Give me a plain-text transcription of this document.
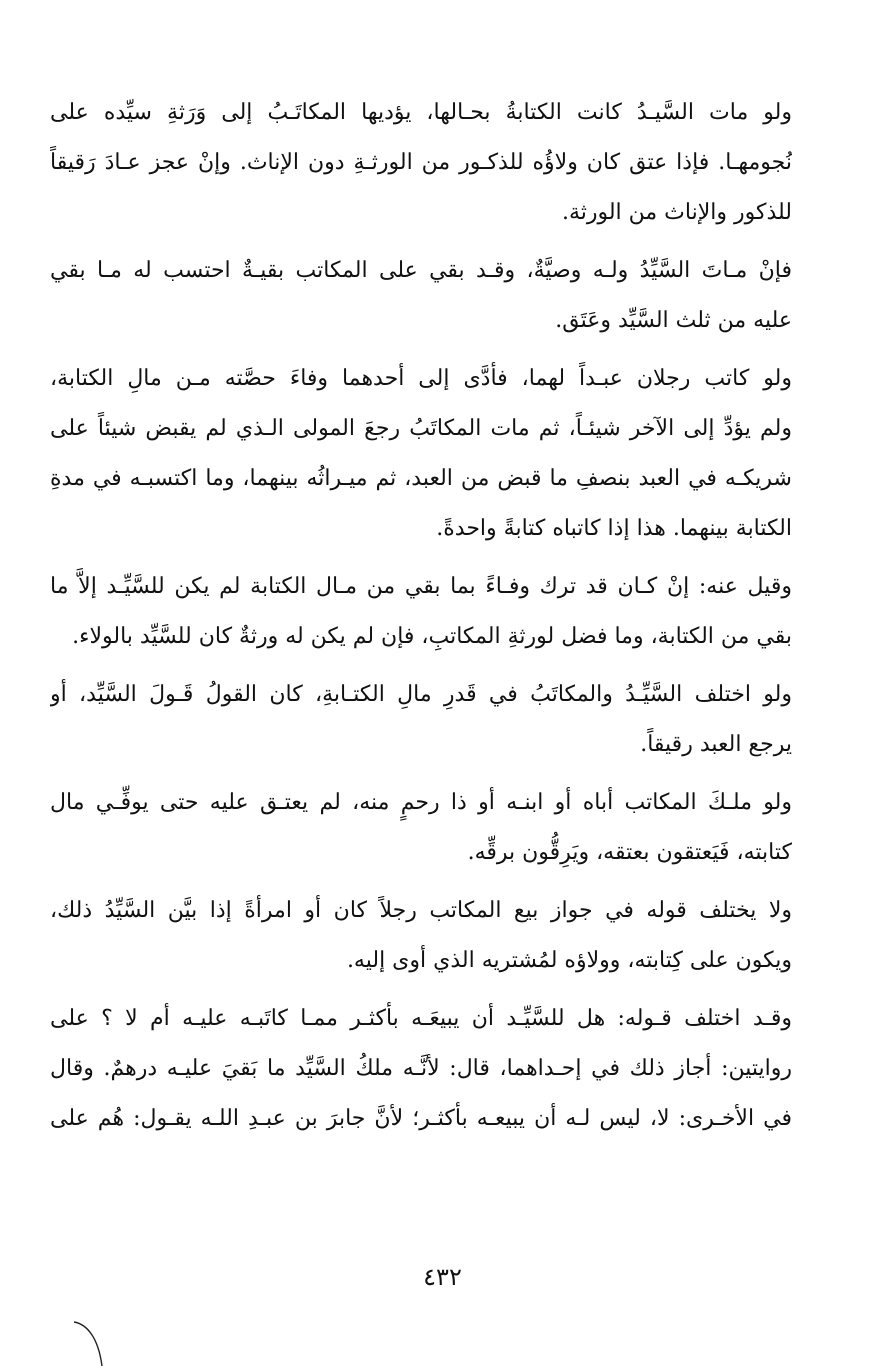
ولو مات السَّيـدُ كانت الكتابةُ بحـالها، يؤديها المكاتَـبُ إلى وَرَثةِ سيِّده على
نُجومهـا. فإذا عتق كان ولاؤُه للذكـور من الورثـةِ دون الإناث. وإنْ عجز عـادَ رَقيقاً
للذكور والإناث من الورثة.
فإنْ مـاتَ السَّيِّدُ ولـه وصيَّةٌ، وقـد بقي على المكاتب بقيـةٌ احتسب له مـا بقي
عليه من ثلث السَّيِّد وعَتَق.
ولو كاتب رجلان عبـداً لهما، فأدَّى إلى أحدهما وفاءَ حصَّته مـن مالِ الكتابة،
ولم يؤدِّ إلى الآخر شيئـاً، ثم مات المكاتَبُ رجعَ المولى الـذي لم يقبض شيئاً على
شريكـه في العبد بنصفِ ما قبض من العبد، ثم ميـراثُه بينهما، وما اكتسبـه في مدةِ
الكتابة بينهما. هذا إذا كاتباه كتابةً واحدةً.
وقيل عنه: إنْ كـان قد ترك وفـاءً بما بقي من مـال الكتابة لم يكن للسَّيِّـد إلاَّ ما
بقي من الكتابة، وما فضل لورثةِ المكاتبِ، فإن لم يكن له ورثةٌ كان للسَّيِّد بالولاء.
ولو اختلف السَّيِّـدُ والمكاتَبُ في قَدرِ مالِ الكتـابةِ، كان القولُ قَـولَ السَّيِّد، أو
يرجع العبد رقيقاً.
ولو ملـكَ المكاتب أباه أو ابنـه أو ذا رحمٍ منه، لم يعتـق عليه حتى يوفِّـي مال
كتابته، فَيَعتقون بعتقه، ويَرِقُّون برقِّه.
ولا يختلف قوله في جواز بيع المكاتب رجلاً كان أو امرأةً إذا بيَّن السَّيِّدُ ذلك،
ويكون على كِتابته، وولاؤه لمُشتريه الذي أوى إليه.
وقـد اختلف قـوله: هل للسَّيِّـد أن يبيعَـه بأكثـر ممـا كاتَبـه عليـه أم لا ؟ على
روايتين: أجاز ذلك في إحـداهما، قال: لأنَّـه ملكُ السَّيِّد ما بَقيَ عليـه درهمٌ. وقال
في الأخـرى: لا، ليس لـه أن يبيعـه بأكثـر؛ لأنَّ جابرَ بن عبـدِ اللـه يقـول: هُم على
٤٣٢
